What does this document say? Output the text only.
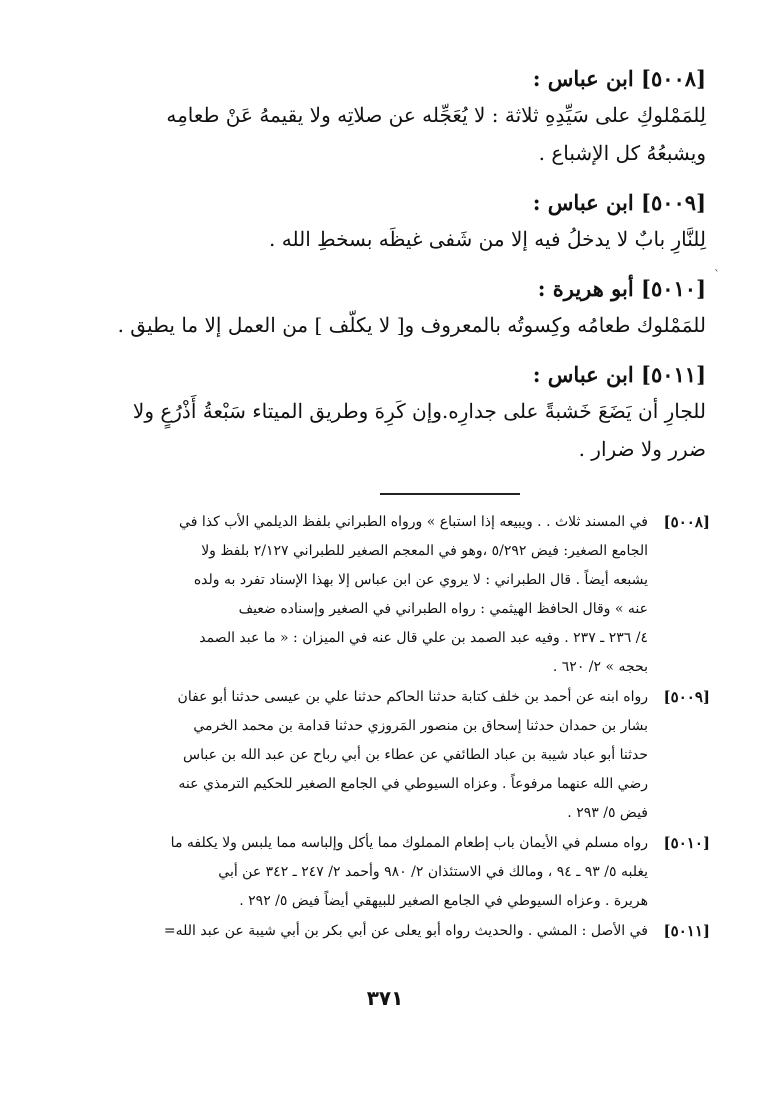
`
[٥٠٠٨] ابن عباس :
لِلمَمْلوكِ على سَيِّدِهِ ثلاثة : لا يُعَجِّله عن صلاتِه ولا يقيمهُ عَنْ طعامِه
ويشبعُهُ كل الإشباع .
[٥٠٠٩] ابن عباس :
لِلنَّارِ بابٌ لا يدخلُ فيه إلا من شَفى غيظَه بسخطِ الله .
[٥٠١٠] أبو هريرة :
للمَمْلوك طعامُه وكِسوتُه بالمعروف و[ لا يكلّف ] من العمل إلا ما يطيق .
[٥٠١١] ابن عباس :
للجارِ أن يَضَعَ خَشبةً على جدارِه.وإن كَرِهَ وطريق الميتاء سَبْعةُ أَذْرُعٍ ولا
ضرر ولا ضرار .
[٥٠٠٨]
في المسند ثلاث . . ويبيعه إذا استباع » ورواه الطبراني بلفظ الديلمي الأب كذا في
الجامع الصغير: فيض ٥/٢٩٢ ،وهو في المعجم الصغير للطبراني ٢/١٢٧ بلفظ ولا
يشبعه أيضاً . قال الطبراني : لا يروي عن ابن عباس إلا بهذا الإسناد تفرد به ولده
عنه » وقال الحافظ الهيثمي : رواه الطبراني في الصغير وإسناده ضعيف
٤/ ٢٣٦ ـ ٢٣٧ . وفيه عبد الصمد بن علي قال عنه في الميزان : « ما عبد الصمد
بحجه » ٢/ ٦٢٠ .
[٥٠٠٩]
رواه ابنه عن أحمد بن خلف كتابة حدثنا الحاكم حدثنا علي بن عيسى حدثنا أبو عفان
بشار بن حمدان حدثنا إسحاق بن منصور المَروزي حدثنا قدامة بن محمد الخرمي
حدثنا أبو عباد شيبة بن عباد الطائفي عن عطاء بن أبي رباح عن عبد الله بن عباس
رضي الله عنهما مرفوعاً . وعزاه السيوطي في الجامع الصغير للحكيم الترمذي عنه
فيض ٥/ ٢٩٣ .
[٥٠١٠]
رواه مسلم في الأيمان باب إطعام المملوك مما يأكل وإلباسه مما يلبس ولا يكلفه ما
يغلبه ٥/ ٩٣ ـ ٩٤ ، ومالك في الاستئذان ٢/ ٩٨٠ وأحمد ٢/ ٢٤٧ ـ ٣٤٢ عن أبي
هريرة . وعزاه السيوطي في الجامع الصغير للبيهقي أيضاً فيض ٥/ ٢٩٢ .
[٥٠١١]
في الأصل : المشي . والحديث رواه أبو يعلى عن أبي بكر بن أبي شيبة عن عبد الله=
٣٧١
